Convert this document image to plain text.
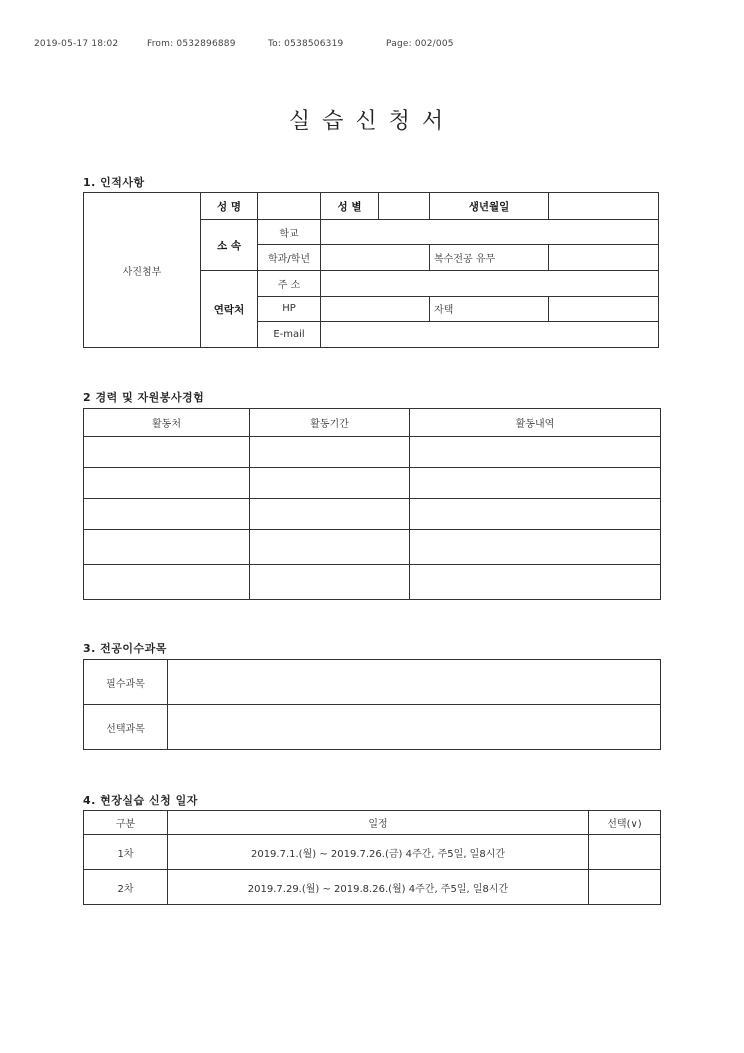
2019-05-17 18:02	From: 0532896889	To: 0538506319	Page: 002/005
실습신청서
1. 인적사항
사진첨부	성 명		성 별		생년월일	
	소 속	학교				
		학과/학년			복수전공 유무	
	연락처	주 소				
		HP			자택	
		E-mail				
2 경력 및 자원봉사경험
활동처	활동기간	활동내역

3. 전공이수과목
필수과목	
선택과목	
4. 현장실습 신청 일자
구분	일정	선택(∨)
1차	2019.7.1.(월) ~ 2019.7.26.(금) 4주간, 주5일, 일8시간	
2차	2019.7.29.(월) ~ 2019.8.26.(월) 4주간, 주5일, 일8시간	
